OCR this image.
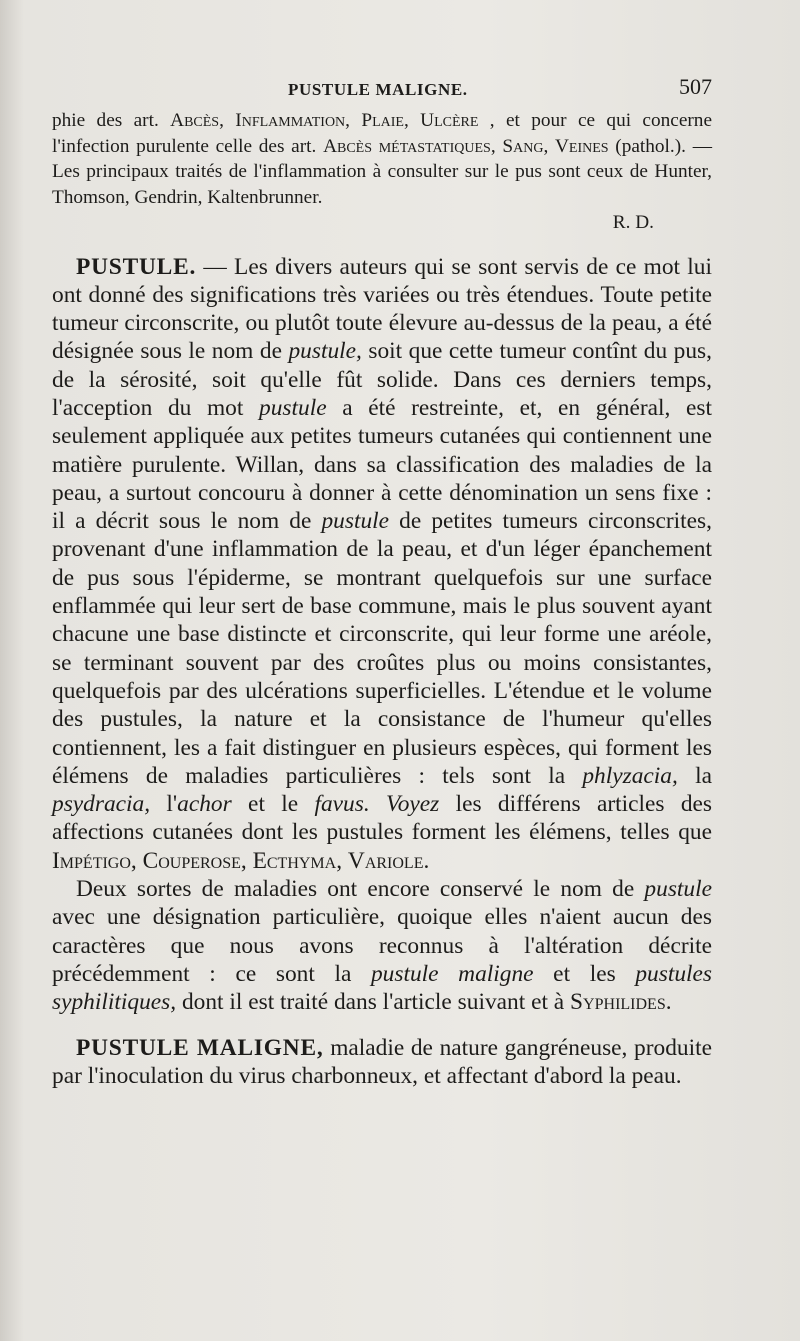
PUSTULE MALIGNE.	507
phie des art. Abcès, Inflammation, Plaie, Ulcère , et pour ce qui concerne l'infection purulente celle des art. Abcès métastatiques, Sang, Veines (pathol.). — Les principaux traités de l'inflammation à consulter sur le pus sont ceux de Hunter, Thomson, Gendrin, Kaltenbrunner.
R. D.

PUSTULE. — Les divers auteurs qui se sont servis de ce mot lui ont donné des significations très variées ou très étendues. Toute petite tumeur circonscrite, ou plutôt toute élevure au-dessus de la peau, a été désignée sous le nom de pustule, soit que cette tumeur contînt du pus, de la sérosité, soit qu'elle fût solide. Dans ces derniers temps, l'acception du mot pustule a été restreinte, et, en général, est seulement appliquée aux petites tumeurs cutanées qui contiennent une matière purulente. Willan, dans sa classification des maladies de la peau, a surtout concouru à donner à cette dénomination un sens fixe : il a décrit sous le nom de pustule de petites tumeurs circonscrites, provenant d'une inflammation de la peau, et d'un léger épanchement de pus sous l'épiderme, se montrant quelquefois sur une surface enflammée qui leur sert de base commune, mais le plus souvent ayant chacune une base distincte et circonscrite, qui leur forme une aréole, se terminant souvent par des croûtes plus ou moins consistantes, quelquefois par des ulcérations superficielles. L'étendue et le volume des pustules, la nature et la consistance de l'humeur qu'elles contiennent, les a fait distinguer en plusieurs espèces, qui forment les élémens de maladies particulières : tels sont la phlyzacia, la psydracia, l'achor et le favus. Voyez les différens articles des affections cutanées dont les pustules forment les élémens, telles que Impétigo, Couperose, Ecthyma, Variole.

Deux sortes de maladies ont encore conservé le nom de pustule avec une désignation particulière, quoique elles n'aient aucun des caractères que nous avons reconnus à l'altération décrite précédemment : ce sont la pustule maligne et les pustules syphilitiques, dont il est traité dans l'article suivant et à Syphilides.

PUSTULE MALIGNE, maladie de nature gangréneuse, produite par l'inoculation du virus charbonneux, et affectant d'abord la peau.
